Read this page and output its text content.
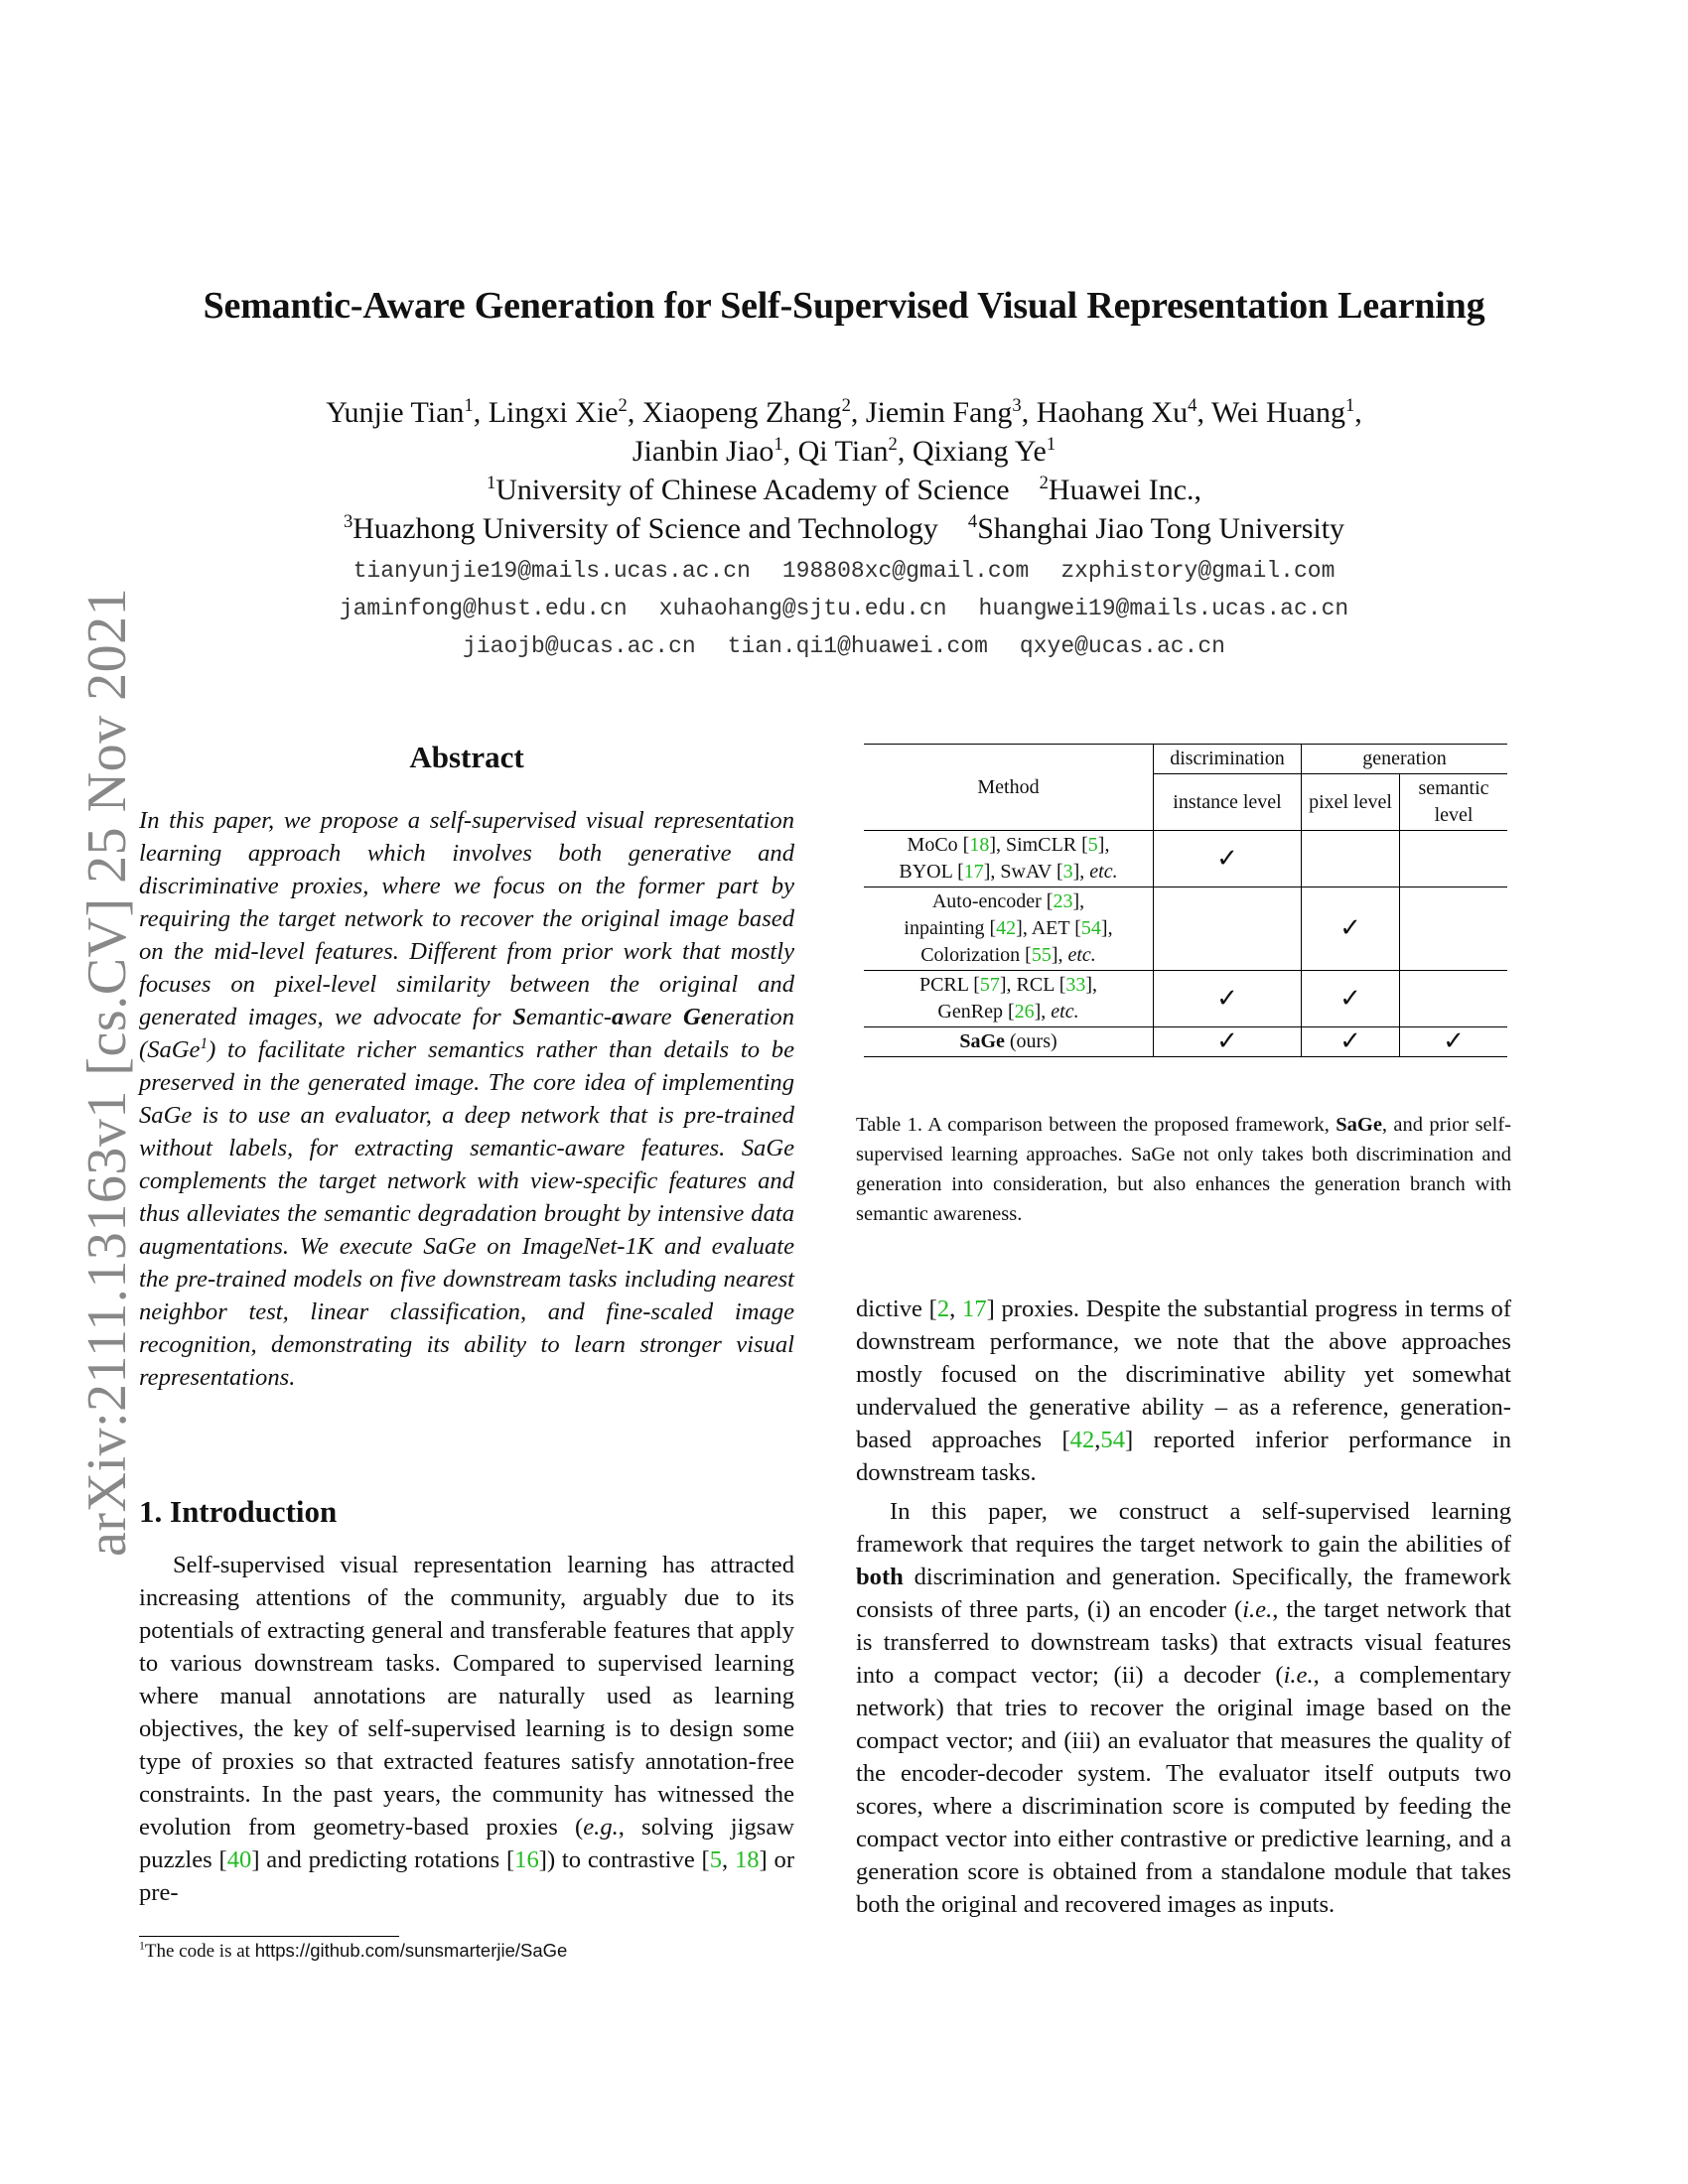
arXiv:2111.13163v1 [cs.CV] 25 Nov 2021
Semantic-Aware Generation for Self-Supervised Visual Representation Learning
Yunjie Tian$^1$, Lingxi Xie$^2$, Xiaopeng Zhang$^2$, Jiemin Fang$^3$, Haohang Xu$^4$, Wei Huang$^1$,
Jianbin Jiao$^1$, Qi Tian$^2$, Qixiang Ye$^1$
$^1$University of Chinese Academy of Science $^2$Huawei Inc.,
$^3$Huazhong University of Science and Technology $^4$Shanghai Jiao Tong University
tianyunjie19@mails.ucas.ac.cn 198808xc@gmail.com zxphistory@gmail.com
jaminfong@hust.edu.cn xuhaohang@sjtu.edu.cn huangwei19@mails.ucas.ac.cn
jiaojb@ucas.ac.cn tian.qi1@huawei.com qxye@ucas.ac.cn
Abstract
In this paper, we propose a self-supervised visual representation learning approach which involves both generative and discriminative proxies, where we focus on the former part by requiring the target network to recover the original image based on the mid-level features. Different from prior work that mostly focuses on pixel-level similarity between the original and generated images, we advocate for Semantic-aware Generation (SaGe$^1$) to facilitate richer semantics rather than details to be preserved in the generated image. The core idea of implementing SaGe is to use an evaluator, a deep network that is pre-trained without labels, for extracting semantic-aware features. SaGe complements the target network with view-specific features and thus alleviates the semantic degradation brought by intensive data augmentations. We execute SaGe on ImageNet-1K and evaluate the pre-trained models on five downstream tasks including nearest neighbor test, linear classification, and fine-scaled image recognition, demonstrating its ability to learn stronger visual representations.
1. Introduction

Self-supervised visual representation learning has attracted increasing attentions of the community, arguably due to its potentials of extracting general and transferable features that apply to various downstream tasks. Compared to supervised learning where manual annotations are naturally used as learning objectives, the key of self-supervised learning is to design some type of proxies so that extracted features satisfy annotation-free constraints. In the past years, the community has witnessed the evolution from geometry-based proxies (e.g., solving jigsaw puzzles [40] and predicting rotations [16]) to contrastive [5, 18] or pre-

Method	discrimination	generation	
	instance level	pixel level	semantic level
MoCo [18], SimCLR [5],
BYOL [17], SwAV [3], etc.	✓		
Auto-encoder [23],
inpainting [42], AET [54],
Colorization [55], etc.		✓	
PCRL [57], RCL [33],
GenRep [26], etc.	✓	✓	
SaGe (ours)	✓	✓	✓
Table 1. A comparison between the proposed framework, SaGe, and prior self-supervised learning approaches. SaGe not only takes both discrimination and generation into consideration, but also enhances the generation branch with semantic awareness.

dictive [2, 17] proxies. Despite the substantial progress in terms of downstream performance, we note that the above approaches mostly focused on the discriminative ability yet somewhat undervalued the generative ability – as a reference, generation-based approaches [42,54] reported inferior performance in downstream tasks.

In this paper, we construct a self-supervised learning framework that requires the target network to gain the abilities of both discrimination and generation. Specifically, the framework consists of three parts, (i) an encoder (i.e., the target network that is transferred to downstream tasks) that extracts visual features into a compact vector; (ii) a decoder (i.e., a complementary network) that tries to recover the original image based on the compact vector; and (iii) an evaluator that measures the quality of the encoder-decoder system. The evaluator itself outputs two scores, where a discrimination score is computed by feeding the compact vector into either contrastive or predictive learning, and a generation score is obtained from a standalone module that takes both the original and recovered images as inputs.

$^1$The code is at https://github.com/sunsmarterjie/SaGe
